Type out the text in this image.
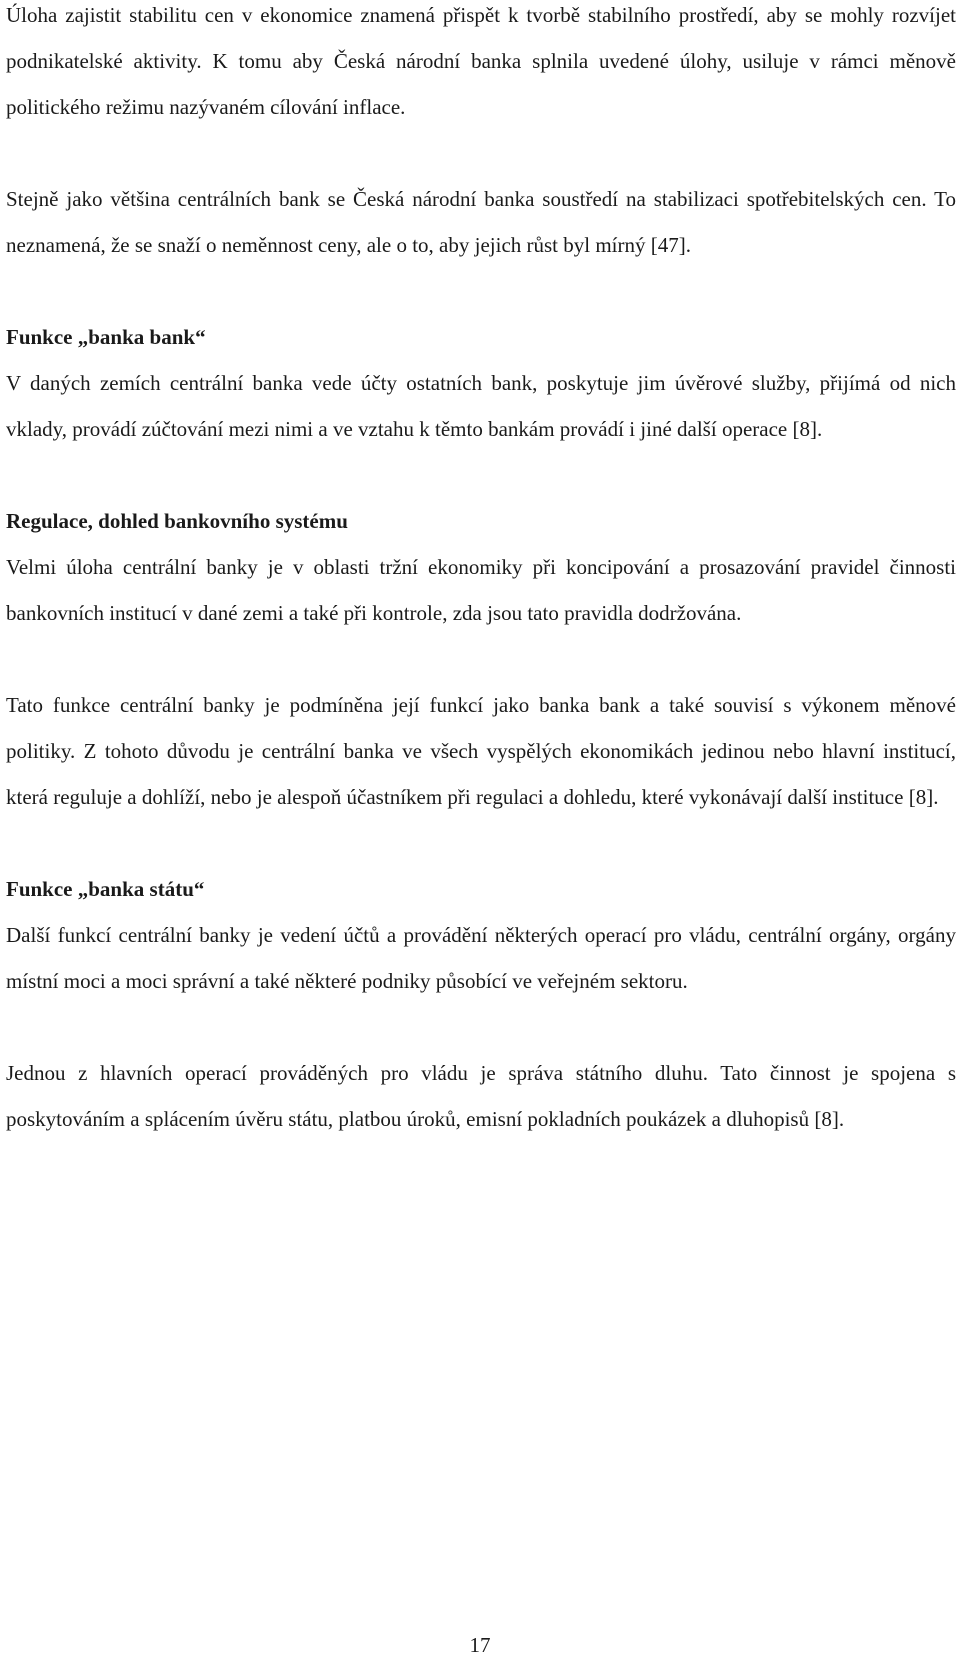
Úloha zajistit stabilitu cen v ekonomice znamená přispět k tvorbě stabilního prostředí, aby se mohly rozvíjet podnikatelské aktivity. K tomu aby Česká národní banka splnila uvedené úlohy, usiluje v rámci měnově politického režimu nazývaném cílování inflace.

Stejně jako většina centrálních bank se Česká národní banka soustředí na stabilizaci spotřebitelských cen. To neznamená, že se snaží o neměnnost ceny, ale o to, aby jejich růst byl mírný [47].

Funkce „banka bank“

V daných zemích centrální banka vede účty ostatních bank, poskytuje jim úvěrové služby, přijímá od nich vklady, provádí zúčtování mezi nimi a ve vztahu k těmto bankám provádí i jiné další operace [8].

Regulace, dohled bankovního systému

Velmi úloha centrální banky je v oblasti tržní ekonomiky při koncipování a prosazování pravidel činnosti bankovních institucí v dané zemi a také při kontrole, zda jsou tato pravidla dodržována.

Tato funkce centrální banky je podmíněna její funkcí jako banka bank a také souvisí s výkonem měnové politiky. Z tohoto důvodu je centrální banka ve všech vyspělých ekonomikách jedinou nebo hlavní institucí, která reguluje a dohlíží, nebo je alespoň účastníkem při regulaci a dohledu, které vykonávají další instituce [8].

Funkce „banka státu“

Další funkcí centrální banky je vedení účtů a provádění některých operací pro vládu, centrální orgány, orgány místní moci a moci správní a také některé podniky působící ve veřejném sektoru.

Jednou z hlavních operací prováděných pro vládu je správa státního dluhu. Tato činnost je spojena s poskytováním a splácením úvěru státu, platbou úroků, emisní pokladních poukázek a dluhopisů [8].

17
